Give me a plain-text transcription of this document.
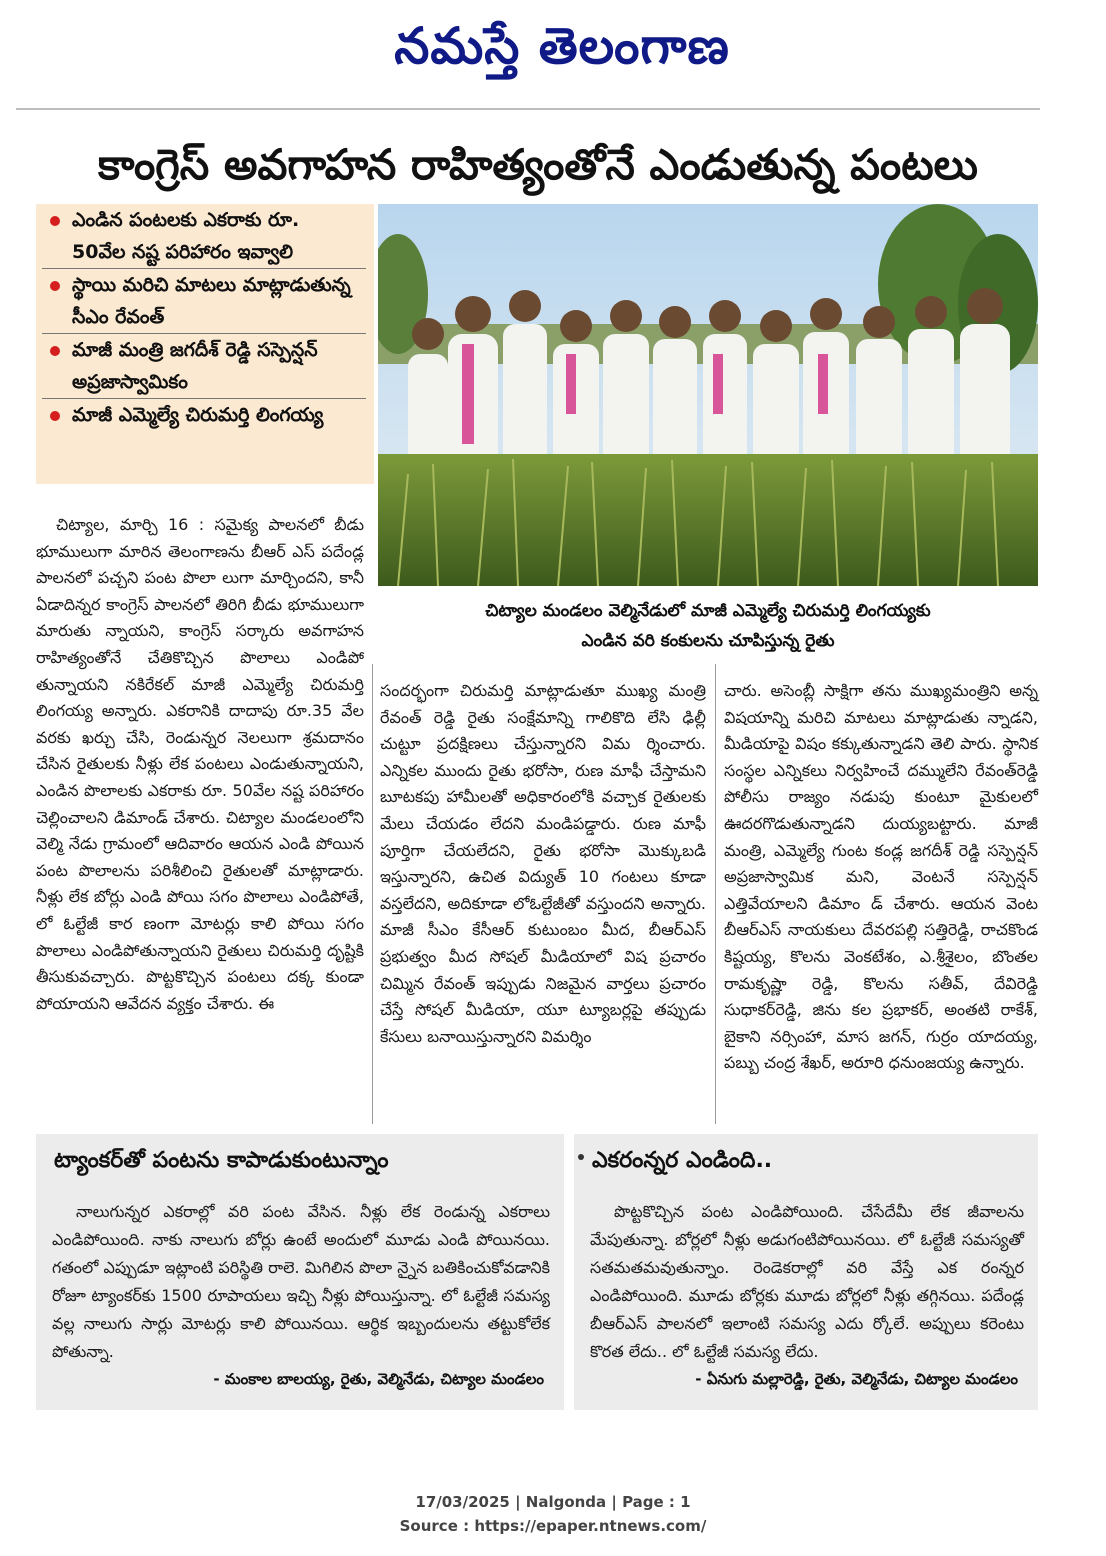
నమస్తే తెలంగాణ
కాంగ్రెస్ అవగాహన రాహిత్యంతోనే ఎండుతున్న పంటలు
ఎండిన పంటలకు ఎకరాకు రూ. 50వేల నష్ట పరిహారం ఇవ్వాలి
స్థాయి మరిచి మాటలు మాట్లాడుతున్న సీఎం రేవంత్
మాజీ మంత్రి జగదీశ్ రెడ్డి సస్పెన్షన్ అప్రజాస్వామికం
మాజీ ఎమ్మెల్యే చిరుమర్తి లింగయ్య
చిట్యాల మండలం వెల్మినేడులో మాజీ ఎమ్మెల్యే చిరుమర్తి లింగయ్యకు
ఎండిన వరి కంకులను చూపిస్తున్న రైతు
చిట్యాల, మార్చి 16 : సమైక్య పాలనలో బీడు భూములుగా మారిన తెలంగాణను బీఆర్ ఎస్ పదేండ్ల పాలనలో పచ్చని పంట పొలా లుగా మార్చిందని, కానీ ఏడాదిన్నర కాంగ్రెస్ పాలనలో తిరిగి బీడు భూములుగా మారుతు న్నాయని, కాంగ్రెస్ సర్కారు అవగాహన రాహిత్యంతోనే చేతికొచ్చిన పొలాలు ఎండిపో తున్నాయని నకిరేకల్ మాజీ ఎమ్మెల్యే చిరుమర్తి లింగయ్య అన్నారు. ఎకరానికి దాదాపు రూ.35 వేల వరకు ఖర్చు చేసి, రెండున్నర నెలలుగా శ్రమదానం చేసిన రైతులకు నీళ్లు లేక పంటలు ఎండుతున్నాయని, ఎండిన పొలాలకు ఎకరాకు రూ. 50వేల నష్ట పరిహారం చెల్లించాలని డిమాండ్ చేశారు. చిట్యాల మండలంలోని వెల్మి నేడు గ్రామంలో ఆదివారం ఆయన ఎండి పోయిన పంట పొలాలను పరిశీలించి రైతులతో మాట్లాడారు. నీళ్లు లేక బోర్లు ఎండి పోయి సగం పొలాలు ఎండిపోతే, లో ఓల్టేజీ కార ణంగా మోటర్లు కాలి పోయి సగం పొలాలు ఎండిపోతున్నాయని రైతులు చిరుమర్తి దృష్టికి తీసుకువచ్చారు. పొట్టకొచ్చిన పంటలు దక్క కుండా పోయాయని ఆవేదన వ్యక్తం చేశారు. ఈ
సందర్భంగా చిరుమర్తి మాట్లాడుతూ ముఖ్య మంత్రి రేవంత్ రెడ్డి రైతు సంక్షేమాన్ని గాలికొది లేసి ఢిల్లీ చుట్టూ ప్రదక్షిణలు చేస్తున్నారని విమ ర్శించారు. ఎన్నికల ముందు రైతు భరోసా, రుణ మాఫీ చేస్తామని బూటకపు హామీలతో అధికారంలోకి వచ్చాక రైతులకు మేలు చేయడం లేదని మండిపడ్డారు. రుణ మాఫీ పూర్తిగా చేయలేదని, రైతు భరోసా మొక్కుబడి ఇస్తున్నారని, ఉచిత విద్యుత్ 10 గంటలు కూడా వస్తలేదని, అదికూడా లోఓల్టేజీతో వస్తుందని అన్నారు. మాజీ సీఎం కేసీఆర్ కుటుంబం మీద, బీఆర్ఎస్ ప్రభుత్వం మీద సోషల్ మీడియాలో విష ప్రచారం చిమ్మిన రేవంత్ ఇప్పుడు నిజమైన వార్తలు ప్రచారం చేస్తే సోషల్ మీడియా, యూ ట్యూబర్లపై తప్పుడు కేసులు బనాయిస్తున్నారని విమర్శిం
చారు. అసెంబ్లీ సాక్షిగా తను ముఖ్యమంత్రిని అన్న విషయాన్ని మరిచి మాటలు మాట్లాడుతు న్నాడని, మీడియాపై విషం కక్కుతున్నాడని తెలి పారు. స్థానిక సంస్థల ఎన్నికలు నిర్వహించే దమ్ములేని రేవంత్‌రెడ్డి పోలీసు రాజ్యం నడుపు కుంటూ మైకులలో ఊదరగొడుతున్నాడని దుయ్యబట్టారు. మాజీ మంత్రి, ఎమ్మెల్యే గుంట కండ్ల జగదీశ్ రెడ్డి సస్పెన్షన్ అప్రజాస్వామిక మని, వెంటనే సస్పెన్షన్ ఎత్తివేయాలని డిమాం డ్ చేశారు. ఆయన వెంట బీఆర్ఎస్ నాయకులు దేవరపల్లి సత్తిరెడ్డి, రాచకొండ కిష్టయ్య, కొలను వెంకటేశం, ఎ.శ్రీశైలం, బొంతల రామకృష్ణా రెడ్డి, కొలను సతీవ్, దేవిరెడ్డి సుధాకర్‌రెడ్డి, జిను కల ప్రభాకర్, అంతటి రాకేశ్, బైకాని నర్సింహా, మాస జగన్, గుర్రం యాదయ్య, పబ్బు చంద్ర శేఖర్, అరూరి ధనుంజయ్య ఉన్నారు.
ట్యాంకర్‌తో పంటను కాపాడుకుంటున్నాం
నాలుగున్నర ఎకరాల్లో వరి పంట వేసిన. నీళ్లు లేక రెండున్న ఎకరాలు ఎండిపోయింది. నాకు నాలుగు బోర్లు ఉంటే అందులో మూడు ఎండి పోయినయి. గతంలో ఎప్పుడూ ఇట్లాంటి పరిస్థితి రాలె. మిగిలిన పొలా న్నైన బతికించుకోవడానికి రోజూ ట్యాంకర్‌కు 1500 రూపాయలు ఇచ్చి నీళ్లు పోయిస్తున్నా. లో ఓల్టేజీ సమస్య వల్ల నాలుగు సార్లు మోటర్లు కాలి పోయినయి. ఆర్థిక ఇబ్బందులను తట్టుకోలేక పోతున్నా.
- మంకాల బాలయ్య, రైతు, వెల్మినేడు, చిట్యాల మండలం
ఎకరంన్నర ఎండింది..
పొట్టకొచ్చిన పంట ఎండిపోయింది. చేసేదేమీ లేక జీవాలను మేపుతున్నా. బోర్లలో నీళ్లు అడుగంటిపోయినయి. లో ఓల్టేజీ సమస్యతో సతమతమవుతున్నాం. రెండెకరాల్లో వరి వేస్తే ఎక రంన్నర ఎండిపోయింది. మూడు బోర్లకు మూడు బోర్లలో నీళ్లు తగ్గినయి. పదేండ్ల బీఆర్ఎస్ పాలనలో ఇలాంటి సమస్య ఎదు ర్కోలే. అప్పులు కరెంటు కొరత లేదు.. లో ఓల్టేజీ సమస్య లేదు.
- ఏనుగు మల్లారెడ్డి, రైతు, వెల్మినేడు, చిట్యాల మండలం
17/03/2025 | Nalgonda | Page : 1
Source : https://epaper.ntnews.com/
